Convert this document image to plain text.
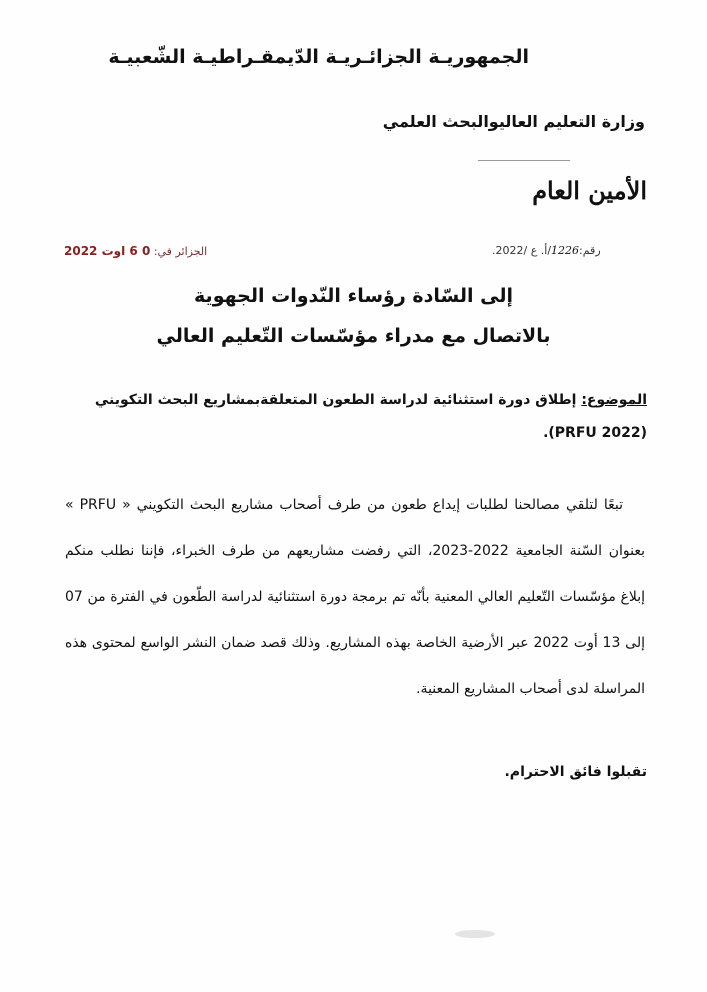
الجمهوريـة الجزائـريـة الدّيمقـراطيـة الشّعبيـة
وزارة التعليم العاليوالبحث العلمي
الأمين العام
رقم:1226/أ. ع /2022.
الجزائر في: 0 6 اوت 2022
إلى السّادة رؤساء النّدوات الجهوية
بالاتصال مع مدراء مؤسّسات التّعليم العالي
الموضوع: إطلاق دورة استثنائية لدراسة الطعون المتعلقةبمشاريع البحث التكويني
(PRFU 2022).

تبعًا لتلقي مصالحنا لطلبات إيداع طعون من طرف أصحاب مشاريع البحث التكويني « PRFU » بعنوان السّنة الجامعية 2022-2023، التي رفضت مشاريعهم من طرف الخبراء، فإننا نطلب منكم إبلاغ مؤسّسات التّعليم العالي المعنية بأنّه تم برمجة دورة استثنائية لدراسة الطّعون في الفترة من 07 إلى 13 أوت 2022 عبر الأرضية الخاصة بهذه المشاريع. وذلك قصد ضمان النشر الواسع لمحتوى هذه المراسلة لدى أصحاب المشاريع المعنية.

تقبلوا فائق الاحترام.
